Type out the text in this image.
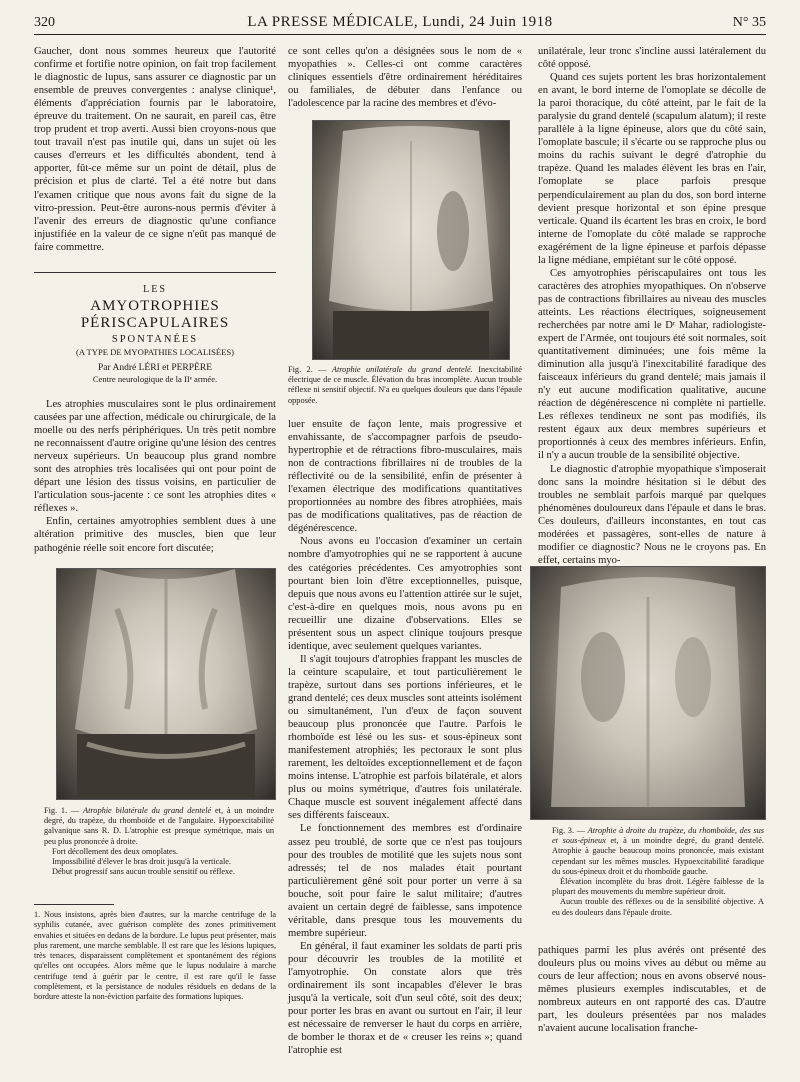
320	LA PRESSE MÉDICALE, Lundi, 24 Juin 1918	N° 35

Gaucher, dont nous sommes heureux que l'autorité confirme et fortifie notre opinion, on fait trop facilement le diagnostic de lupus, sans assurer ce diagnostic par un ensemble de preuves convergentes : analyse clinique¹, éléments d'appréciation fournis par le laboratoire, épreuve du traitement. On ne saurait, en pareil cas, être trop prudent et trop averti. Aussi bien croyons-nous que tout travail n'est pas inutile qui, dans un sujet où les causes d'erreurs et les difficultés abondent, tend à apporter, fût-ce même sur un point de détail, plus de précision et plus de clarté. Tel a été notre but dans l'examen critique que nous avons fait du signe de la vitro-pression. Peut-être aurons-nous permis d'éviter à l'avenir des erreurs de diagnostic qu'une confiance injustifiée en la valeur de ce signe n'eût pas manqué de faire commettre.

LES
AMYOTROPHIES PÉRISCAPULAIRES
SPONTANÉES
(A TYPE DE MYOPATHIES LOCALISÉES)
Par André LÉRI et PERPÈRE
Centre neurologique de la IIᵉ armée.

Les atrophies musculaires sont le plus ordinairement causées par une affection, médicale ou chirurgicale, de la moelle ou des nerfs périphériques. Un très petit nombre ne reconnaissent d'autre origine qu'une lésion des centres nerveux supérieurs. Un beaucoup plus grand nombre sont des atrophies très localisées qui ont pour point de départ une lésion des tissus voisins, en particulier de l'articulation sous-jacente : ce sont les atrophies dites « réflexes ».

Enfin, certaines amyotrophies semblent dues à une altération primitive des muscles, bien que leur pathogénie réelle soit encore fort discutée;

Fig. 1. — Atrophie bilatérale du grand dentelé et, à un moindre degré, du trapèze, du rhomboïde et de l'angulaire. Hypoexcitabilité galvanique sans R. D. L'atrophie est presque symétrique, mais un peu plus prononcée à droite.

Fort décollement des deux omoplates.

Impossibilité d'élever le bras droit jusqu'à la verticale.

Début progressif sans aucun trouble sensitif ou réflexe.

1. Nous insistons, après bien d'autres, sur la marche centrifuge de la syphilis cutanée, avec guérison complète des zones primitivement envahies et situées en dedans de la bordure. Le lupus peut présenter, mais plus rarement, une marche semblable. Il est rare que les lésions lupiques, très tenaces, disparaissent complètement et spontanément des régions qu'elles ont occupées. Alors même que le lupus nodulaire à marche centrifuge tend à guérir par le centre, il est rare qu'il le fasse complètement, et la persistance de nodules résiduels en dedans de la bordure atteste la non-éviction parfaite des formations lupiques.

ce sont celles qu'on a désignées sous le nom de « myopathies ». Celles-ci ont comme caractères cliniques essentiels d'être ordinairement héréditaires ou familiales, de débuter dans l'enfance ou l'adolescence par la racine des membres et d'évo-

Fig. 2. — Atrophie unilatérale du grand dentelé. Inexcitabilité électrique de ce muscle. Élévation du bras incomplète. Aucun trouble réflexe ni sensitif objectif. N'a eu quelques douleurs que dans l'épaule opposée.

luer ensuite de façon lente, mais progressive et envahissante, de s'accompagner parfois de pseudo-hypertrophie et de rétractions fibro-musculaires, mais non de contractions fibrillaires ni de troubles de la réflectivité ou de la sensibilité, enfin de présenter à l'examen électrique des modifications quantitatives proportionnées au nombre des fibres atrophiées, mais pas de modifications qualitatives, pas de réaction de dégénérescence.

Nous avons eu l'occasion d'examiner un certain nombre d'amyotrophies qui ne se rapportent à aucune des catégories précédentes. Ces amyotrophies sont pourtant bien loin d'être exceptionnelles, puisque, depuis que nous avons eu l'attention attirée sur le sujet, c'est-à-dire en quelques mois, nous avons pu en recueillir une dizaine d'observations. Elles se présentent sous un aspect clinique toujours presque identique, avec seulement quelques variantes.

Il s'agit toujours d'atrophies frappant les muscles de la ceinture scapulaire, et tout particulièrement le trapèze, surtout dans ses portions inférieures, et le grand dentelé; ces deux muscles sont atteints isolément ou simultanément, l'un d'eux de façon souvent beaucoup plus prononcée que l'autre. Parfois le rhomboïde est lésé ou les sus- et sous-épineux sont manifestement atrophiés; les pectoraux le sont plus rarement, les deltoïdes exceptionnellement et de façon moins intense. L'atrophie est parfois bilatérale, et alors plus ou moins symétrique, d'autres fois unilatérale. Chaque muscle est souvent inégalement affecté dans ses différents faisceaux.

Le fonctionnement des membres est d'ordinaire assez peu troublé, de sorte que ce n'est pas toujours pour des troubles de motilité que les sujets nous sont adressés; tel de nos malades était pourtant particulièrement gêné soit pour porter un verre à sa bouche, soit pour faire le salut militaire; d'autres avaient un certain degré de faiblesse, sans impotence véritable, dans presque tous les mouvements du membre supérieur.

En général, il faut examiner les soldats de parti pris pour découvrir les troubles de la motilité et l'amyotrophie. On constate alors que très ordinairement ils sont incapables d'élever le bras jusqu'à la verticale, soit d'un seul côté, soit des deux; pour porter les bras en avant ou surtout en l'air, il leur est nécessaire de renverser le haut du corps en arrière, de bomber le thorax et de « creuser les reins »; quand l'atrophie est

unilatérale, leur tronc s'incline aussi latéralement du côté opposé.

Quand ces sujets portent les bras horizontalement en avant, le bord interne de l'omoplate se décolle de la paroi thoracique, du côté atteint, par le fait de la paralysie du grand dentelé (scapulum alatum); il reste parallèle à la ligne épineuse, alors que du côté sain, l'omoplate bascule; il s'écarte ou se rapproche plus ou moins du rachis suivant le degré d'atrophie du trapèze. Quand les malades élèvent les bras en l'air, l'omoplate se place parfois presque perpendiculairement au plan du dos, son bord interne devient presque horizontal et son épine presque verticale. Quand ils écartent les bras en croix, le bord interne de l'omoplate du côté malade se rapproche exagérément de la ligne épineuse et parfois dépasse la ligne médiane, empiétant sur le côté opposé.

Ces amyotrophies périscapulaires ont tous les caractères des atrophies myopathiques. On n'observe pas de contractions fibrillaires au niveau des muscles atteints. Les réactions électriques, soigneusement recherchées par notre ami le Dʳ Mahar, radiologiste-expert de l'Armée, ont toujours été soit normales, soit quantitativement diminuées; une fois même la diminution alla jusqu'à l'inexcitabilité faradique des faisceaux inférieurs du grand dentelé; mais jamais il n'y eut aucune modification qualitative, aucune réaction de dégénérescence ni complète ni partielle. Les réflexes tendineux ne sont pas modifiés, ils restent égaux aux deux membres supérieurs et proportionnés à ceux des membres inférieurs. Enfin, il n'y a aucun trouble de la sensibilité objective.

Le diagnostic d'atrophie myopathique s'imposerait donc sans la moindre hésitation si le début des troubles ne semblait parfois marqué par quelques phénomènes douloureux dans l'épaule et dans le bras. Ces douleurs, d'ailleurs inconstantes, en tout cas modérées et passagères, sont-elles de nature à modifier ce diagnostic? Nous ne le croyons pas. En effet, certains myo-

Fig. 3. — Atrophie à droite du trapèze, du rhomboïde, des sus et sous-épineux et, à un moindre degré, du grand dentelé. Atrophie à gauche beaucoup moins prononcée, mais existant cependant sur les mêmes muscles. Hypoexcitabilité faradique du sous-épineux droit et du rhomboïde gauche.

Élévation incomplète du bras droit. Légère faiblesse de la plupart des mouvements du membre supérieur droit.

Aucun trouble des réflexes ou de la sensibilité objective. A eu des douleurs dans l'épaule droite.

pathiques parmi les plus avérés ont présenté des douleurs plus ou moins vives au début ou même au cours de leur affection; nous en avons observé nous-mêmes plusieurs exemples indiscutables, et de nombreux auteurs en ont rapporté des cas. D'autre part, les douleurs présentées par nos malades n'avaient aucune localisation franche-
